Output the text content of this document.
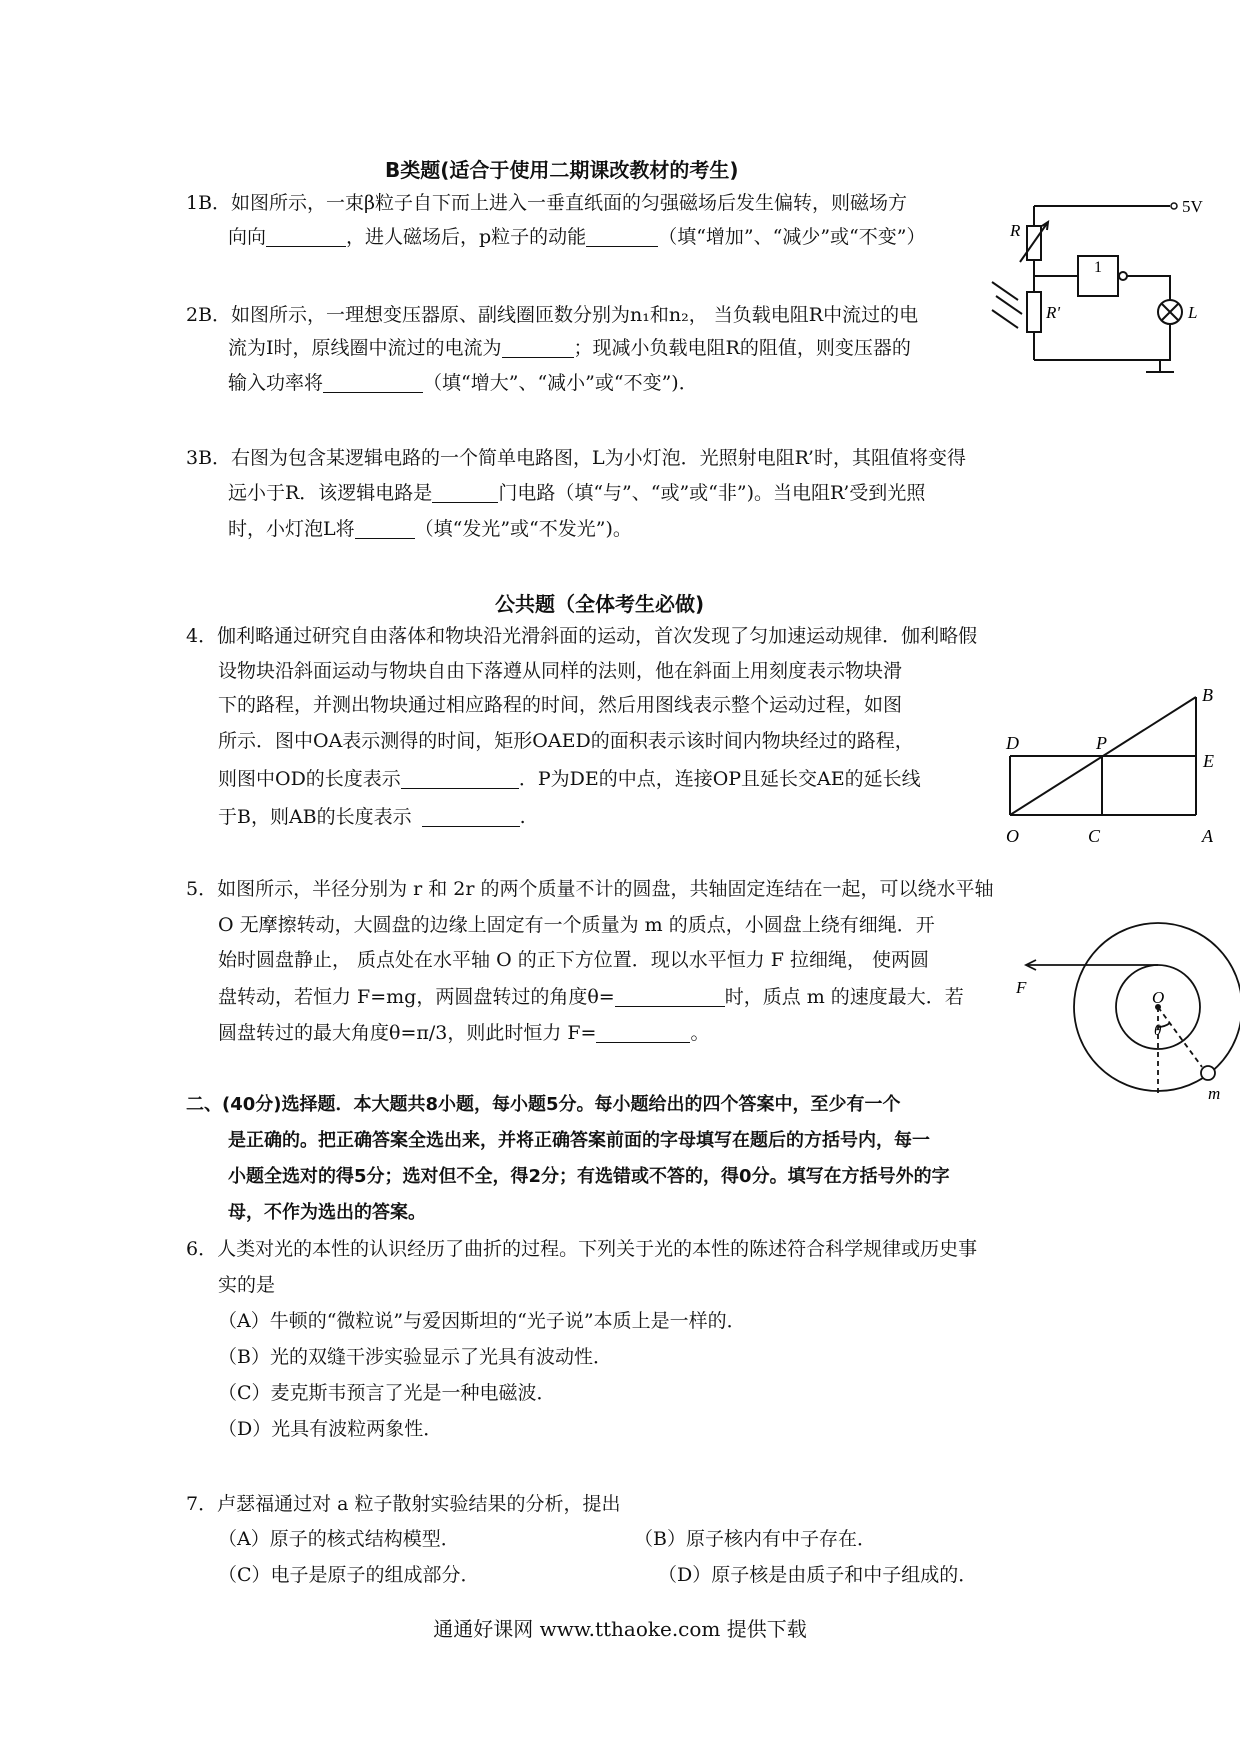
B类题(适合于使用二期课改教材的考生)
1B．如图所示，一束β粒子自下而上进入一垂直纸面的匀强磁场后发生偏转，则磁场方
向向	，进人磁场后，p粒子的动能	（填“增加”、“减少”或“不变”）
2B．如图所示，一理想变压器原、副线圈匝数分别为n₁和n₂， 当负载电阻R中流过的电
流为I时，原线圈中流过的电流为	；现减小负载电阻R的阻值，则变压器的
输入功率将	（填“增大”、“减小”或“不变”)．
3B．右图为包含某逻辑电路的一个简单电路图，L为小灯泡．光照射电阻R’时，其阻值将变得
远小于R．该逻辑电路是	门电路（填“与”、“或”或“非”)。当电阻R’受到光照
时，小灯泡L将	（填“发光”或“不发光”)。
5V
R
R'
1
L
公共题（全体考生必做)
4．伽利略通过研究自由落体和物块沿光滑斜面的运动，首次发现了匀加速运动规律．伽利略假
设物块沿斜面运动与物块自由下落遵从同样的法则，他在斜面上用刻度表示物块滑
下的路程，并测出物块通过相应路程的时间，然后用图线表示整个运动过程，如图
所示．图中OA表示测得的时间，矩形OAED的面积表示该时间内物块经过的路程，
则图中OD的长度表示	．P为DE的中点，连接OP且延长交AE的延长线
于B，则AB的长度表示	.
B
D	P
E
O	C	A
5．如图所示，半径分别为 r 和 2r 的两个质量不计的圆盘，共轴固定连结在一起，可以绕水平轴
O 无摩擦转动，大圆盘的边缘上固定有一个质量为 m 的质点，小圆盘上绕有细绳．开
始时圆盘静止， 质点处在水平轴 O 的正下方位置．现以水平恒力 F 拉细绳， 使两圆
盘转动，若恒力 F=mg，两圆盘转过的角度θ=	时，质点 m 的速度最大．若
圆盘转过的最大角度θ=π/3，则此时恒力 F=	。
F
O
θ
m
二、(40分)选择题．本大题共8小题，每小题5分。每小题给出的四个答案中，至少有一个
是正确的。把正确答案全选出来，并将正确答案前面的字母填写在题后的方括号内，每一
小题全选对的得5分；选对但不全，得2分；有选错或不答的，得0分。填写在方括号外的字
母，不作为选出的答案。
6．人类对光的本性的认识经历了曲折的过程。下列关于光的本性的陈述符合科学规律或历史事
实的是
（A）牛顿的“微粒说”与爱因斯坦的“光子说”本质上是一样的．
（B）光的双缝干涉实验显示了光具有波动性．
（C）麦克斯韦预言了光是一种电磁波．
（D）光具有波粒两象性．
7．卢瑟福通过对 a 粒子散射实验结果的分析，提出
（A）原子的核式结构模型．	（B）原子核内有中子存在．
（C）电子是原子的组成部分．	（D）原子核是由质子和中子组成的．
通通好课网 www.tthaoke.com 提供下载
